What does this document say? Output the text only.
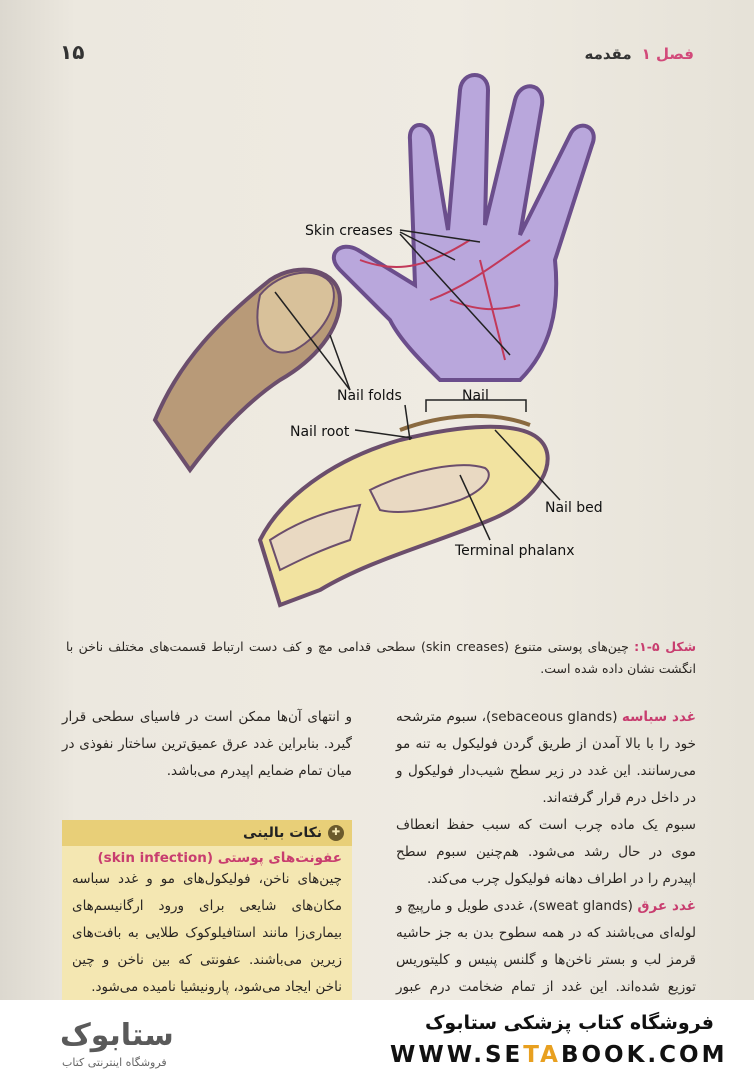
فصل ۱
مقدمه
۱۵
Skin creases
Nail folds	Nail
Nail root
Nail bed
Terminal phalanx
شکل ۵-۱: چین‌های پوستی متنوع (skin creases) سطحی قدامی مچ و کف دست ارتباط قسمت‌های مختلف ناخن با انگشت نشان داده شده است.
غدد سباسه (sebaceous glands)، سبوم مترشحه خود را با بالا آمدن از طریق گردن فولیکول به تنه مو می‌رسانند. این غدد در زیر سطح شیب‌دار فولیکول و در داخل درم قرار گرفته‌اند.
سبوم یک ماده چرب است که سبب حفظ انعطاف موی در حال رشد می‌شود. هم‌چنین سبوم سطح اپیدرم را در اطراف دهانه فولیکول چرب می‌کند.
غدد عرق (sweat glands)، غددی طویل و مارپیچ و لوله‌ای می‌باشند که در همه سطوح بدن به جز حاشیه قرمز لب و بستر ناخن‌ها و گلنس پنیس و کلیتوریس توزیع شده‌اند. این غدد از تمام ضخامت درم عبور
و انتهای آن‌ها ممکن است در فاسیای سطحی قرار گیرد. بنابراین غدد عرق عمیق‌ترین ساختار نفوذی در میان تمام ضمایم اپیدرم می‌باشد.
✚
نکات بالینی
عفونت‌های پوستی (skin infection)
چین‌های ناخن، فولیکول‌های مو و غدد سباسه مکان‌های شایعی برای ورود ارگانیسم‌های بیماری‌زا مانند استافیلوکوک طلایی به بافت‌های زیرین می‌باشند. عفونتی که بین ناخن و چین ناخن ایجاد می‌شود، پارونیشیا نامیده می‌شود.
ستابوک
فروشگاه اینترنتی کتاب
فروشگاه کتاب پزشکی ستابوک
WWW.SETABOOK.COM
